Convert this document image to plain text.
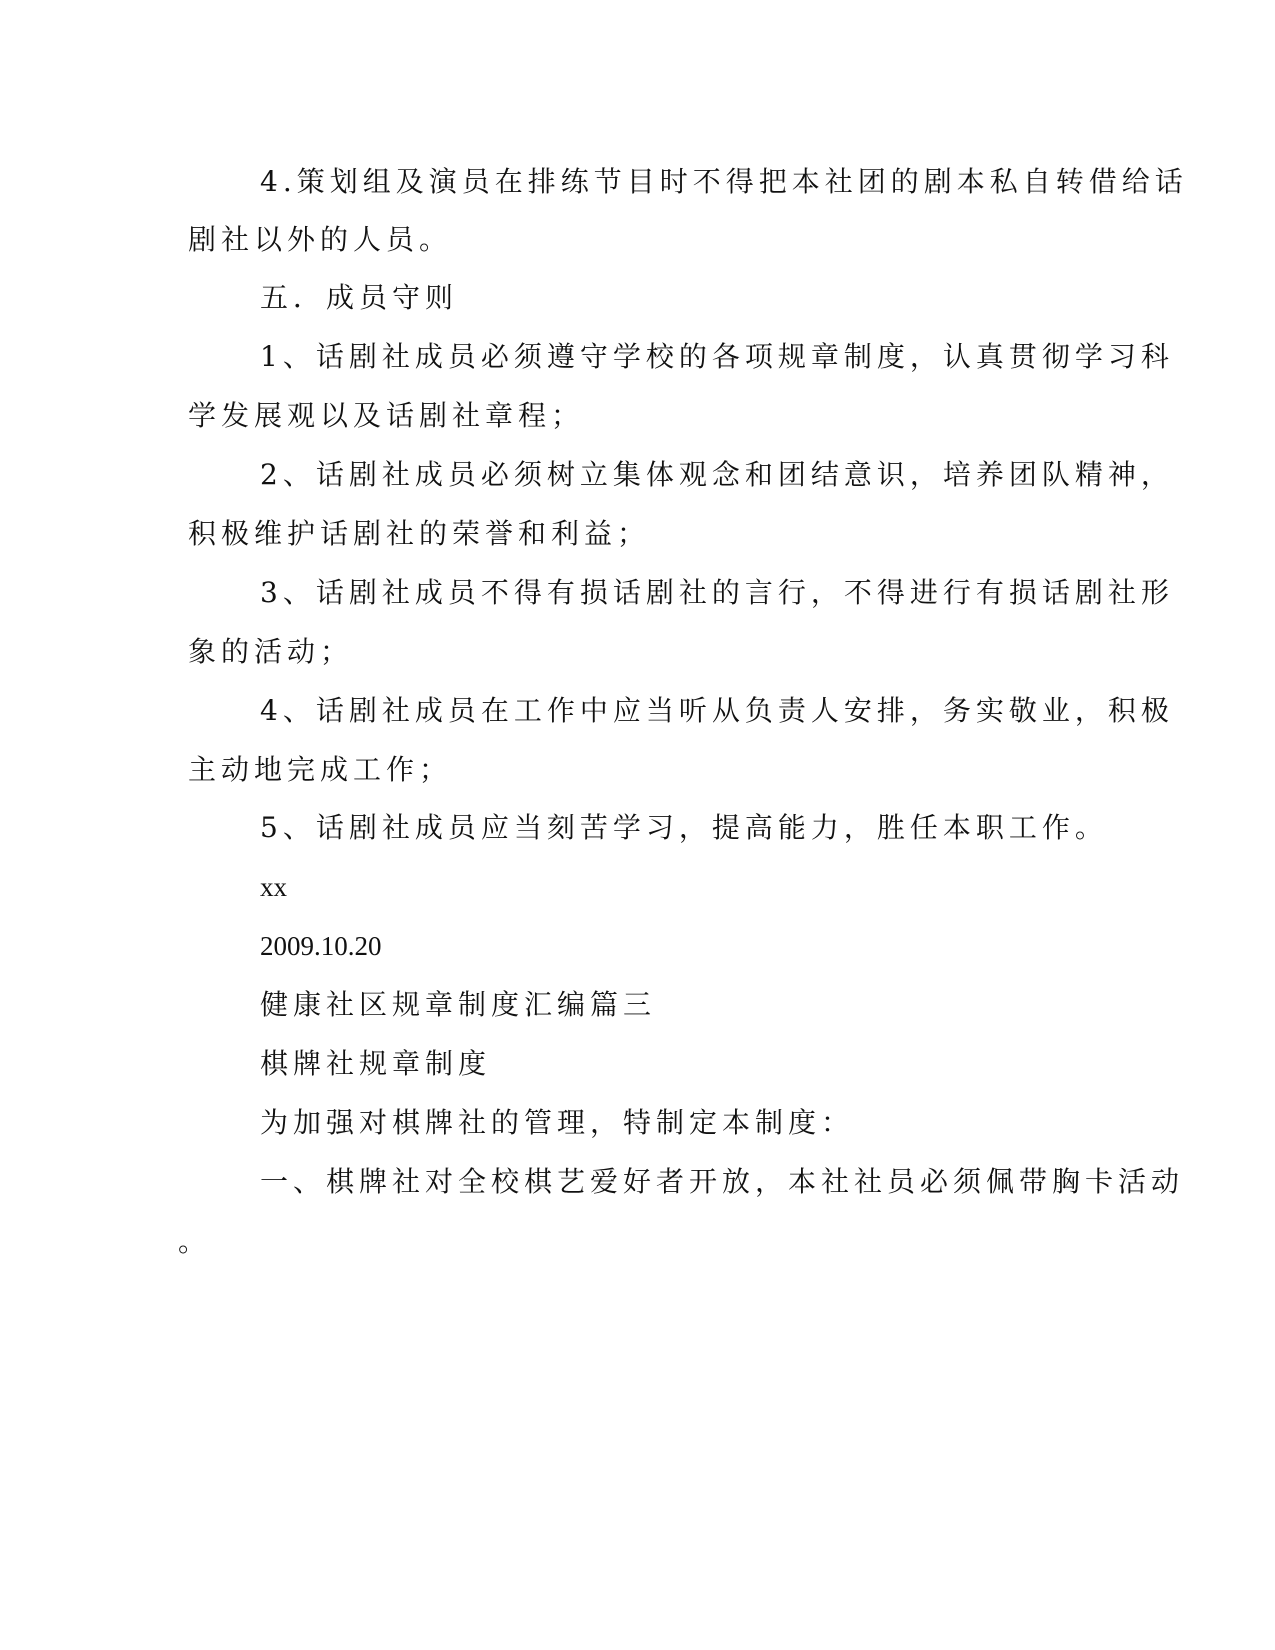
4.策划组及演员在排练节目时不得把本社团的剧本私自转借给话
剧社以外的人员。
五．成员守则
1、话剧社成员必须遵守学校的各项规章制度，认真贯彻学习科
学发展观以及话剧社章程；
2、话剧社成员必须树立集体观念和团结意识，培养团队精神，
积极维护话剧社的荣誉和利益；
3、话剧社成员不得有损话剧社的言行，不得进行有损话剧社形
象的活动；
4、话剧社成员在工作中应当听从负责人安排，务实敬业，积极
主动地完成工作；
5、话剧社成员应当刻苦学习，提高能力，胜任本职工作。
xx
2009.10.20
健康社区规章制度汇编篇三
棋牌社规章制度
为加强对棋牌社的管理，特制定本制度：
一、棋牌社对全校棋艺爱好者开放，本社社员必须佩带胸卡活动
。
